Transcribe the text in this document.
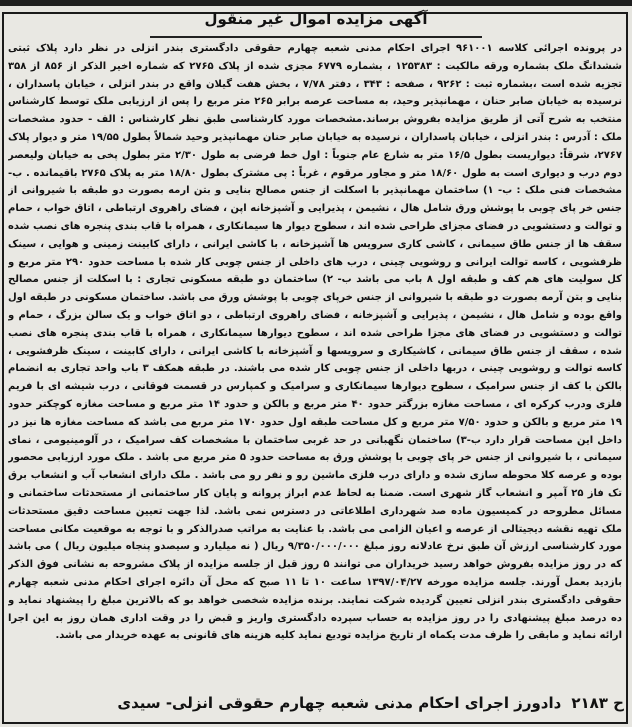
آگهی مزایده اموال غیر منقول
در پرونده اجرائی کلاسه ۹۶۱۰۰۱ اجرای احکام مدنی شعبه چهارم حقوقی دادگستری بندر انزلی در نظر دارد پلاک ثبتی ششدانگ ملک بشماره ورقه مالکیت : ۱۲۵۳۸۳ ، بشماره ۶۷۷۹ مجزی شده از پلاک ۲۷۶۵ که شماره اخیر الذکر از ۸۵۶ از ۳۵۸ تجزیه شده است ،بشماره ثبت : ۹۲۶۲ ، صفحه : ۳۴۳ ، دفتر ۷/۷۸ ، بخش هفت گیلان واقع در بندر انزلی ، خیابان پاسداران ، نرسیده به خیابان صابر حنان ، مهمانپذیر وحید، به مساحت عرصه برابر ۲۶۵ متر مربع را پس از ارزیابی ملک توسط کارشناس منتخب به شرح آتی از طریق مزایده بفروش برساند.مشخصات مورد کارشناسی طبق نظر کارشناس : الف - حدود مشخصات ملک : آدرس : بندر انزلی ، خیابان پاسداران ، نرسیده به خیابان صابر حنان مهمانپذیر وحید شمالاً بطول ۱۹/۵۵ متر و دیوار پلاک ۲۷۶۷، شرقاً: دیواریست بطول ۱۶/۵ متر به شارع عام جنوباً : اول خط فرضی به طول ۲/۳۰ متر بطول پخی به خیابان ولیعصر دوم درب و دیواری است به طول ۱۸/۶۰ متر و مجاور مرقوم ، غرباً : پی مشترک بطول ۱۸/۸۰ متر به پلاک ۲۷۶۵ باقیمانده . ب- مشخصات فنی ملک : ب- ۱) ساختمان مهمانپذیر با اسکلت از جنس مصالح بنایی و بتن ارمه بصورت دو طبقه با شیروانی از جنس خر پای چوبی با پوشش ورق شامل هال ، نشیمن ، پذیرایی و آشپزخانه اپن ، فضای راهروی ارتباطی ، اتاق خواب ، حمام و توالت و دستشویی در فضای مجزای طراحی شده اند ، سطوح دیوار ها سیمانکاری ، همراه با قاب بندی پنجره های نصب شده سقف ها از جنس طاق سیمانی ، کاشی کاری سرویس ها آشپزخانه ، با کاشی ایرانی ، دارای کابینت زمینی و هوایی ، سینک ظرفشویی ، کاسه توالت ایرانی و روشویی چینی ، درب های داخلی از جنس چوبی کار شده با مساحت حدود ۲۹۰ متر مربع و کل سولیت های هم کف و طبقه اول ۸ باب می باشد ب- ۲) ساختمان دو طبقه مسکونی تجاری : با اسکلت از جنس مصالح بنایی و بتن آرمه بصورت دو طبقه با شیروانی از جنس خرپای چوبی با پوشش ورق می باشد. ساختمان مسکونی در طبقه اول واقع بوده و شامل هال ، نشیمن ، پذیرایی و آشپزخانه ، فضای راهروی ارتباطی ، دو اتاق خواب و یک سالن بزرگ ، حمام و توالت و دستشویی در فضای های مجزا طراحی شده اند ، سطوح دیوارها سیمانکاری ، همراه با قاب بندی پنجره های نصب شده ، سقف از جنس طاق سیمانی ، کاشیکاری و سرویسها و آشپزخانه با کاشی ایرانی ، دارای کابینت ، سینک ظرفشویی ، کاسه توالت و روشویی چینی ، دربها داخلی از جنس چوبی کار شده می باشند. در طبقه همکف ۳ باب واحد تجاری به انضمام بالکن با کف از جنس سرامیک ، سطوح دیوارها سیمانکاری و سرامیک و کمپارس در قسمت فوقانی ، درب شیشه ای با فریم فلزی ودرب کرکره ای ، مساحت مغازه بزرگتر حدود ۴۰ متر مربع و بالکن و حدود ۱۴ متر مربع و مساحت مغازه کوچکتر حدود ۱۹ متر مربع و بالکن و حدود ۷/۵۰ متر مربع و کل مساحت طبقه اول حدود ۱۷۰ متر مربع می باشد که مساحت مغازه ها نیز در داخل این مساحت قرار دارد ب-۳) ساختمان نگهبانی در حد غربی ساختمان با مشخصات کف سرامیک ، در آلومینیومی ، نمای سیمانی ، با شیروانی از جنس خر پای چوبی با پوشش ورق به مساحت حدود ۵ متر مربع می باشد . ملک مورد ارزیابی محصور بوده و عرصه کلا محوطه سازی شده و دارای درب فلزی ماشین رو و نفر رو می باشد . ملک دارای انشعاب آب و انشعاب برق تک فاز ۲۵ آمپر و انشعاب گاز شهری است. ضمنا به لحاظ عدم ابراز پروانه و پایان کار ساختمانی از مستحدثات ساختمانی و مسائل مطروحه در کمیسیون ماده صد شهرداری اطلاعاتی در دسترس نمی باشد. لذا جهت تعیین مساحت دقیق مستحدثات ملک تهیه نقشه دیجیتالی از عرصه و اعیان الزامی می باشد. با عنایت به مراتب صدرالذکر و با توجه به موقعیت مکانی مساحت مورد کارشناسی ارزش آن طبق نرخ عادلانه روز مبلغ ۹/۳۵۰/۰۰۰/۰۰۰ ریال ( نه میلیارد و سیصدو پنجاه میلیون ریال ) می باشد که در روز مزایده بفروش خواهد رسید خریداران می توانند ۵ روز قبل از جلسه مزایده از پلاک مشروحه به نشانی فوق الذکر بازدید بعمل آورند. جلسه مزایده مورخه ۱۳۹۷/۰۴/۲۷ ساعت ۱۰ تا ۱۱ صبح که محل آن دائره اجرای احکام مدنی شعبه چهارم حقوقی دادگستری بندر انزلی تعیین گردیده شرکت نمایند. برنده مزایده شخصی خواهد بو که بالاترین مبلغ را پیشنهاد نماید و ده درصد مبلغ پیشنهادی را در روز مزایده به حساب سپرده دادگستری واریز و قبض را در وقت اداری همان روز به این اجرا ارائه نماید و مابقی را ظرف مدت یکماه از تاریخ مزایده تودیع نماید کلیه هزینه های قانونی به عهده خریدار می باشد.
ح ۲۱۸۳
دادورز اجرای احکام مدنی شعبه چهارم حقوقی انزلی- سیدی
